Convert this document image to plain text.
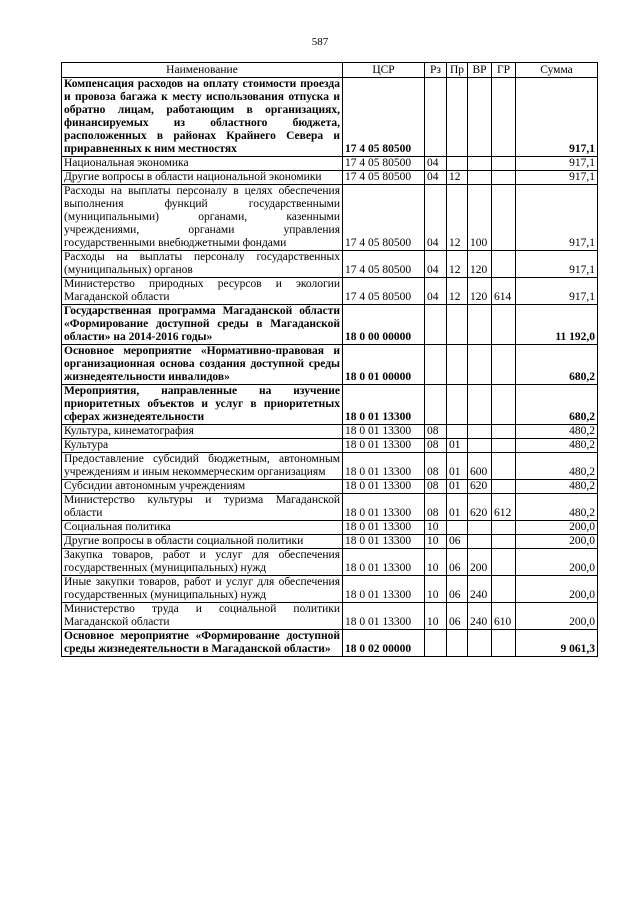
587
Наименование	ЦСР	Рз	Пр	ВР	ГР	Сумма
Компенсация расходов на оплату стоимости проезда и провоза багажа к месту использования отпуска и обратно лицам, работающим в организациях, финансируемых из областного бюджета, расположенных в районах Крайнего Севера и приравненных к ним местностях	17 4 05 80500					917,1
Национальная экономика	17 4 05 80500	04				917,1
Другие вопросы в области национальной экономики	17 4 05 80500	04	12			917,1
Расходы на выплаты персоналу в целях обеспечения выполнения функций государственными (муниципальными) органами, казенными учреждениями, органами управления государственными внебюджетными фондами	17 4 05 80500	04	12	100		917,1
Расходы на выплаты персоналу государственных (муниципальных) органов	17 4 05 80500	04	12	120		917,1
Министерство природных ресурсов и экологии Магаданской области	17 4 05 80500	04	12	120	614	917,1
Государственная программа Магаданской области «Формирование доступной среды в Магаданской области» на 2014-2016 годы»	18 0 00 00000					11 192,0
Основное мероприятие «Нормативно-правовая и организационная основа создания доступной среды жизнедеятельности инвалидов»	18 0 01 00000					680,2
Мероприятия, направленные на изучение приоритетных объектов и услуг в приоритетных сферах жизнедеятельности	18 0 01 13300					680,2
Культура, кинематография	18 0 01 13300	08				480,2
Культура	18 0 01 13300	08	01			480,2
Предоставление субсидий бюджетным, автономным учреждениям и иным некоммерческим организациям	18 0 01 13300	08	01	600		480,2
Субсидии автономным учреждениям	18 0 01 13300	08	01	620		480,2
Министерство культуры и туризма Магаданской области	18 0 01 13300	08	01	620	612	480,2
Социальная политика	18 0 01 13300	10				200,0
Другие вопросы в области социальной политики	18 0 01 13300	10	06			200,0
Закупка товаров, работ и услуг для обеспечения государственных (муниципальных) нужд	18 0 01 13300	10	06	200		200,0
Иные закупки товаров, работ и услуг для обеспечения государственных (муниципальных) нужд	18 0 01 13300	10	06	240		200,0
Министерство труда и социальной политики Магаданской области	18 0 01 13300	10	06	240	610	200,0
Основное мероприятие «Формирование доступной среды жизнедеятельности в Магаданской области»	18 0 02 00000					9 061,3
